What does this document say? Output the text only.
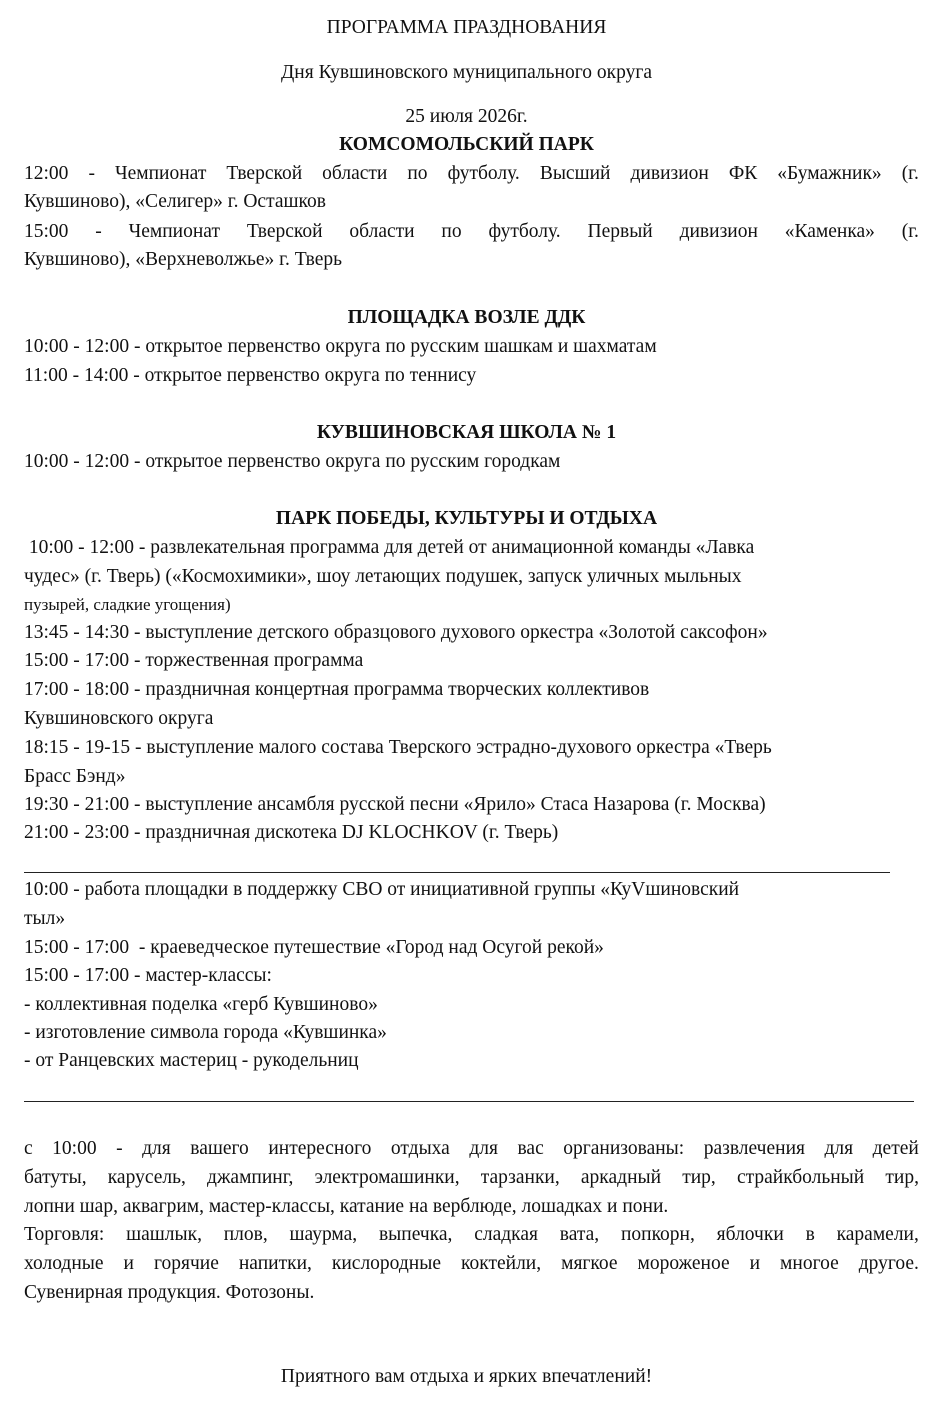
ПРОГРАММА ПРАЗДНОВАНИЯ
Дня Кувшиновского муниципального округа
25 июля 2026г.
КОМСОМОЛЬСКИЙ ПАРК
12:00 - Чемпионат Тверской области по футболу. Высший дивизион ФК «Бумажник» (г.
Кувшиново), «Селигер» г. Осташков
15:00 - Чемпионат Тверской области по футболу. Первый дивизион «Каменка» (г.
Кувшиново), «Верхневолжье» г. Тверь
ПЛОЩАДКА ВОЗЛЕ ДДК
10:00 - 12:00 - открытое первенство округа по русским шашкам и шахматам
11:00 - 14:00 - открытое первенство округа по теннису
КУВШИНОВСКАЯ ШКОЛА № 1
10:00 - 12:00 - открытое первенство округа по русским городкам
ПАРК ПОБЕДЫ, КУЛЬТУРЫ И ОТДЫХА
10:00 - 12:00 - развлекательная программа для детей от анимационной команды «Лавка
чудес» (г. Тверь) («Космохимики», шоу летающих подушек, запуск уличных мыльных
пузырей, сладкие угощения)
13:45 - 14:30 - выступление детского образцового духового оркестра «Золотой саксофон»
15:00 - 17:00 - торжественная программа
17:00 - 18:00 - праздничная концертная программа творческих коллективов
Кувшиновского округа
18:15 - 19-15 - выступление малого состава Тверского эстрадно-духового оркестра «Тверь
Брасс Бэнд»
19:30 - 21:00 - выступление ансамбля русской песни «Ярило» Стаса Назарова (г. Москва)
21:00 - 23:00 - праздничная дискотека DJ KLOCHKOV (г. Тверь)
10:00 - работа площадки в поддержку СВО от инициативной группы «КуVшиновский
тыл»
15:00 - 17:00  - краеведческое путешествие «Город над Осугой рекой»
15:00 - 17:00 - мастер-классы:
- коллективная поделка «герб Кувшиново»
- изготовление символа города «Кувшинка»
- от Ранцевских мастериц - рукодельниц
с 10:00 - для вашего интересного отдыха для вас организованы: развлечения для детей
батуты, карусель, джампинг, электромашинки, тарзанки, аркадный тир, страйкбольный тир,
лопни шар, аквагрим, мастер-классы, катание на верблюде, лошадках и пони.
Торговля: шашлык, плов, шаурма, выпечка, сладкая вата, попкорн, яблочки в карамели,
холодные и горячие напитки, кислородные коктейли, мягкое мороженое и многое другое.
Сувенирная продукция. Фотозоны.
Приятного вам отдыха и ярких впечатлений!
